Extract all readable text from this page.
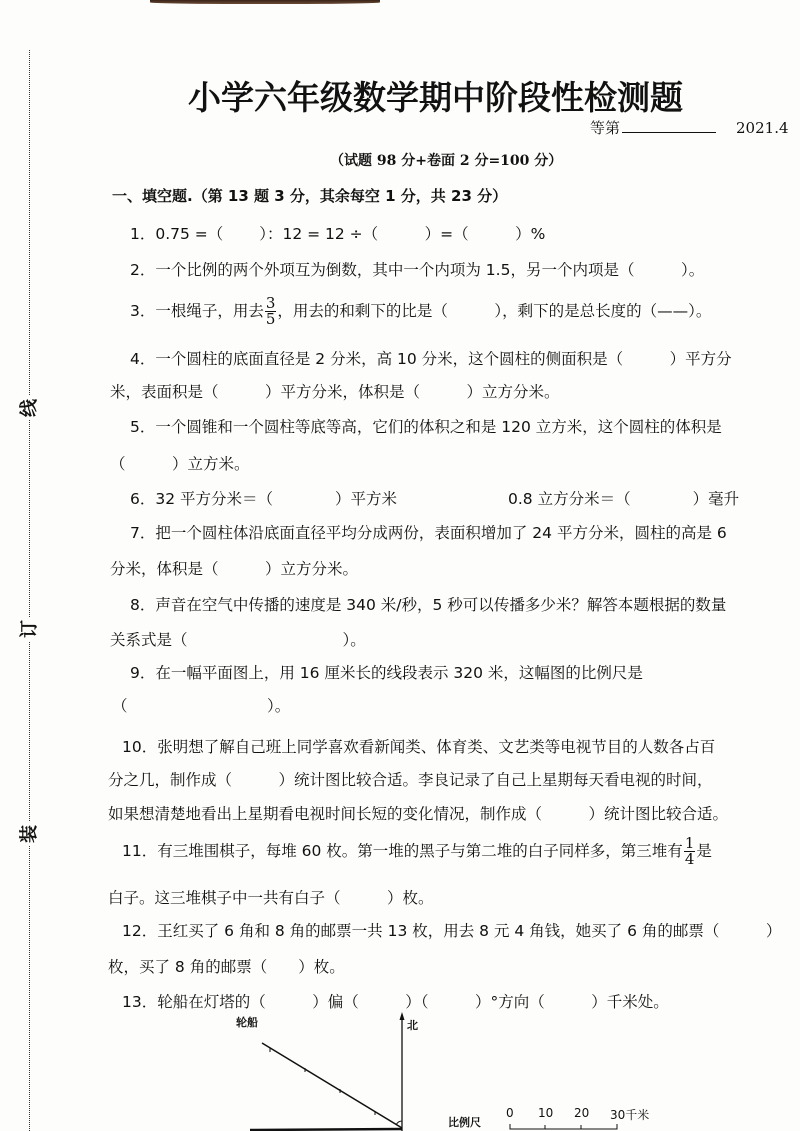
线
订
装
小学六年级数学期中阶段性检测题
等第	2021.4
（试题 98 分+卷面 2 分=100 分）
一、填空题.（第 13 题 3 分，其余每空 1 分，共 23 分）
1．0.75 =（　　 ）：12 = 12 ÷（　　　）=（　　　）%
2．一个比例的两个外项互为倒数，其中一个内项为 1.5，另一个内项是（　　　）。
3．一根绳子，用去 $\frac{3}{5}$ ，用去的和剩下的比是（　　　），剩下的是总长度的（——）。
4．一个圆柱的底面直径是 2 分米，高 10 分米，这个圆柱的侧面积是（　　　）平方分
米，表面积是（　　　）平方分米，体积是（　　　）立方分米。
5．一个圆锥和一个圆柱等底等高，它们的体积之和是 120 立方米，这个圆柱的体积是
（　　　）立方米。
6．32 平方分米＝（　　　　）平方米	0.8 立方分米＝（　　　　）毫升
7．把一个圆柱体沿底面直径平均分成两份，表面积增加了 24 平方分米，圆柱的高是 6
分米，体积是（　　　）立方分米。
8．声音在空气中传播的速度是 340 米/秒，5 秒可以传播多少米？解答本题根据的数量
关系式是（　　　　　　　　　　）。
9．在一幅平面图上，用 16 厘米长的线段表示 320 米，这幅图的比例尺是
（　　　　　　　　　）。
10．张明想了解自己班上同学喜欢看新闻类、体育类、文艺类等电视节目的人数各占百
分之几，制作成（　　　）统计图比较合适。李良记录了自己上星期每天看电视的时间，
如果想清楚地看出上星期看电视时间长短的变化情况，制作成（　　　）统计图比较合适。
11．有三堆围棋子，每堆 60 枚。第一堆的黑子与第二堆的白子同样多，第三堆有 $\frac{1}{4}$ 是
白子。这三堆棋子中一共有白子（　　　）枚。
12．王红买了 6 角和 8 角的邮票一共 13 枚，用去 8 元 4 角钱，她买了 6 角的邮票（　　　）
枚，买了 8 角的邮票（　　）枚。
13．轮船在灯塔的（　　　）偏（　　　）（　　　）°方向（　　　）千米处。
轮船	北
比例尺
0 10 20 30千米
